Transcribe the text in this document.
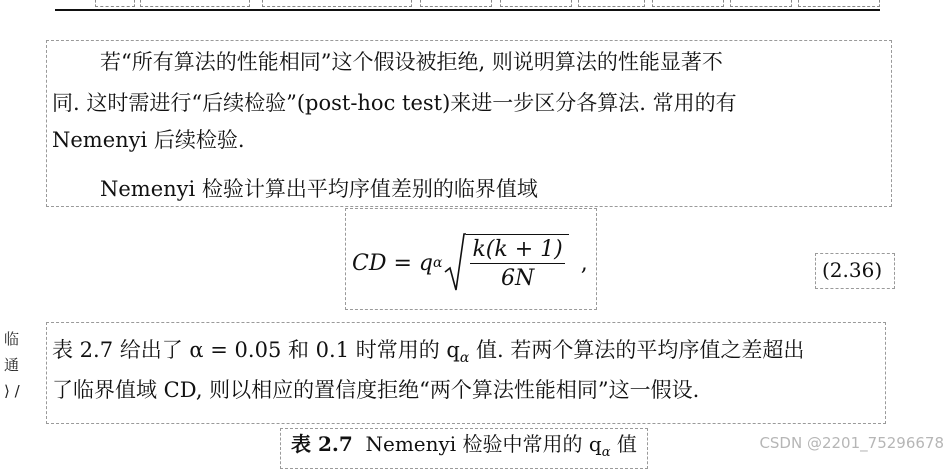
若“所有算法的性能相同”这个假设被拒绝, 则说明算法的性能显著不
同. 这时需进行“后续检验”(post-hoc test)来进一步区分各算法. 常用的有
Nemenyi 后续检验.
Nemenyi 检验计算出平均序值差别的临界值域
CD = q α $\frac{k(k + 1)}{6N}$ ,	(2.36)
临
通
⟩ /
表 2.7 给出了 α = 0.05 和 0.1 时常用的 $q_\alpha$ 值. 若两个算法的平均序值之差超出
了临界值域 CD, 则以相应的置信度拒绝“两个算法性能相同”这一假设.
表 2.7 Nemenyi 检验中常用的 $q_\alpha$ 值	CSDN @2201_75296678
